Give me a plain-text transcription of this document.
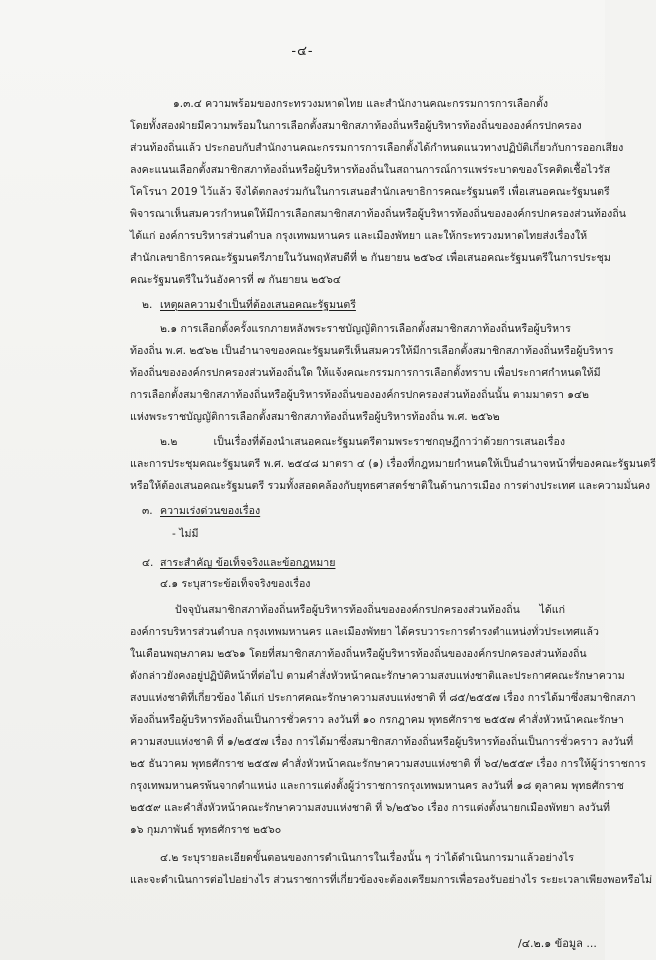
-๔-
๑.๓.๔ ความพร้อมของกระทรวงมหาดไทย และสำนักงานคณะกรรมการการเลือกตั้ง
โดยทั้งสองฝ่ายมีความพร้อมในการเลือกตั้งสมาชิกสภาท้องถิ่นหรือผู้บริหารท้องถิ่นขององค์กรปกครอง
ส่วนท้องถิ่นแล้ว ประกอบกับสำนักงานคณะกรรมการการเลือกตั้งได้กำหนดแนวทางปฏิบัติเกี่ยวกับการออกเสียง
ลงคะแนนเลือกตั้งสมาชิกสภาท้องถิ่นหรือผู้บริหารท้องถิ่นในสถานการณ์การแพร่ระบาดของโรคติดเชื้อไวรัส
โคโรนา 2019 ไว้แล้ว จึงได้ตกลงร่วมกันในการเสนอสำนักเลขาธิการคณะรัฐมนตรี เพื่อเสนอคณะรัฐมนตรี
พิจารณาเห็นสมควรกำหนดให้มีการเลือกสมาชิกสภาท้องถิ่นหรือผู้บริหารท้องถิ่นขององค์กรปกครองส่วนท้องถิ่น
ได้แก่ องค์การบริหารส่วนตำบล กรุงเทพมหานคร และเมืองพัทยา และให้กระทรวงมหาดไทยส่งเรื่องให้
สำนักเลขาธิการคณะรัฐมนตรีภายในวันพฤหัสบดีที่ ๒ กันยายน ๒๕๖๔ เพื่อเสนอคณะรัฐมนตรีในการประชุม
คณะรัฐมนตรีในวันอังคารที่ ๗ กันยายน ๒๕๖๔
๒. เหตุผลความจำเป็นที่ต้องเสนอคณะรัฐมนตรี
๒.๑ การเลือกตั้งครั้งแรกภายหลังพระราชบัญญัติการเลือกตั้งสมาชิกสภาท้องถิ่นหรือผู้บริหาร
ท้องถิ่น พ.ศ. ๒๕๖๒ เป็นอำนาจของคณะรัฐมนตรีเห็นสมควรให้มีการเลือกตั้งสมาชิกสภาท้องถิ่นหรือผู้บริหาร
ท้องถิ่นขององค์กรปกครองส่วนท้องถิ่นใด ให้แจ้งคณะกรรมการการเลือกตั้งทราบ เพื่อประกาศกำหนดให้มี
การเลือกตั้งสมาชิกสภาท้องถิ่นหรือผู้บริหารท้องถิ่นขององค์กรปกครองส่วนท้องถิ่นนั้น ตามมาตรา ๑๔๒
แห่งพระราชบัญญัติการเลือกตั้งสมาชิกสภาท้องถิ่นหรือผู้บริหารท้องถิ่น พ.ศ. ๒๕๖๒
๒.๒ เป็นเรื่องที่ต้องนำเสนอคณะรัฐมนตรีตามพระราชกฤษฎีกาว่าด้วยการเสนอเรื่อง
และการประชุมคณะรัฐมนตรี พ.ศ. ๒๕๔๘ มาตรา ๔ (๑) เรื่องที่กฎหมายกำหนดให้เป็นอำนาจหน้าที่ของคณะรัฐมนตรี
หรือให้ต้องเสนอคณะรัฐมนตรี รวมทั้งสอดคล้องกับยุทธศาสตร์ชาติในด้านการเมือง การต่างประเทศ และความมั่นคง
๓. ความเร่งด่วนของเรื่อง
- ไม่มี
๔. สาระสำคัญ ข้อเท็จจริงและข้อกฎหมาย
๔.๑ ระบุสาระข้อเท็จจริงของเรื่อง
ปัจจุบันสมาชิกสภาท้องถิ่นหรือผู้บริหารท้องถิ่นขององค์กรปกครองส่วนท้องถิ่น ได้แก่
องค์การบริหารส่วนตำบล กรุงเทพมหานคร และเมืองพัทยา ได้ครบวาระการดำรงตำแหน่งทั่วประเทศแล้ว
ในเดือนพฤษภาคม ๒๕๖๑ โดยที่สมาชิกสภาท้องถิ่นหรือผู้บริหารท้องถิ่นขององค์กรปกครองส่วนท้องถิ่น
ดังกล่าวยังคงอยู่ปฏิบัติหน้าที่ต่อไป ตามคำสั่งหัวหน้าคณะรักษาความสงบแห่งชาติและประกาศคณะรักษาความ
สงบแห่งชาติที่เกี่ยวข้อง ได้แก่ ประกาศคณะรักษาความสงบแห่งชาติ ที่ ๘๕/๒๕๕๗ เรื่อง การได้มาซึ่งสมาชิกสภา
ท้องถิ่นหรือผู้บริหารท้องถิ่นเป็นการชั่วคราว ลงวันที่ ๑๐ กรกฎาคม พุทธศักราช ๒๕๕๗ คำสั่งหัวหน้าคณะรักษา
ความสงบแห่งชาติ ที่ ๑/๒๕๕๗ เรื่อง การได้มาซึ่งสมาชิกสภาท้องถิ่นหรือผู้บริหารท้องถิ่นเป็นการชั่วคราว ลงวันที่
๒๕ ธันวาคม พุทธศักราช ๒๕๕๗ คำสั่งหัวหน้าคณะรักษาความสงบแห่งชาติ ที่ ๖๔/๒๕๕๙ เรื่อง การให้ผู้ว่าราชการ
กรุงเทพมหานครพ้นจากตำแหน่ง และการแต่งตั้งผู้ว่าราชการกรุงเทพมหานคร ลงวันที่ ๑๘ ตุลาคม พุทธศักราช
๒๕๕๙ และคำสั่งหัวหน้าคณะรักษาความสงบแห่งชาติ ที่ ๖/๒๕๖๐ เรื่อง การแต่งตั้งนายกเมืองพัทยา ลงวันที่
๑๖ กุมภาพันธ์ พุทธศักราช ๒๕๖๐
๔.๒ ระบุรายละเอียดขั้นตอนของการดำเนินการในเรื่องนั้น ๆ ว่าได้ดำเนินการมาแล้วอย่างไร
และจะดำเนินการต่อไปอย่างไร ส่วนราชการที่เกี่ยวข้องจะต้องเตรียมการเพื่อรองรับอย่างไร ระยะเวลาเพียงพอหรือไม่
/๔.๒.๑ ข้อมูล ...
